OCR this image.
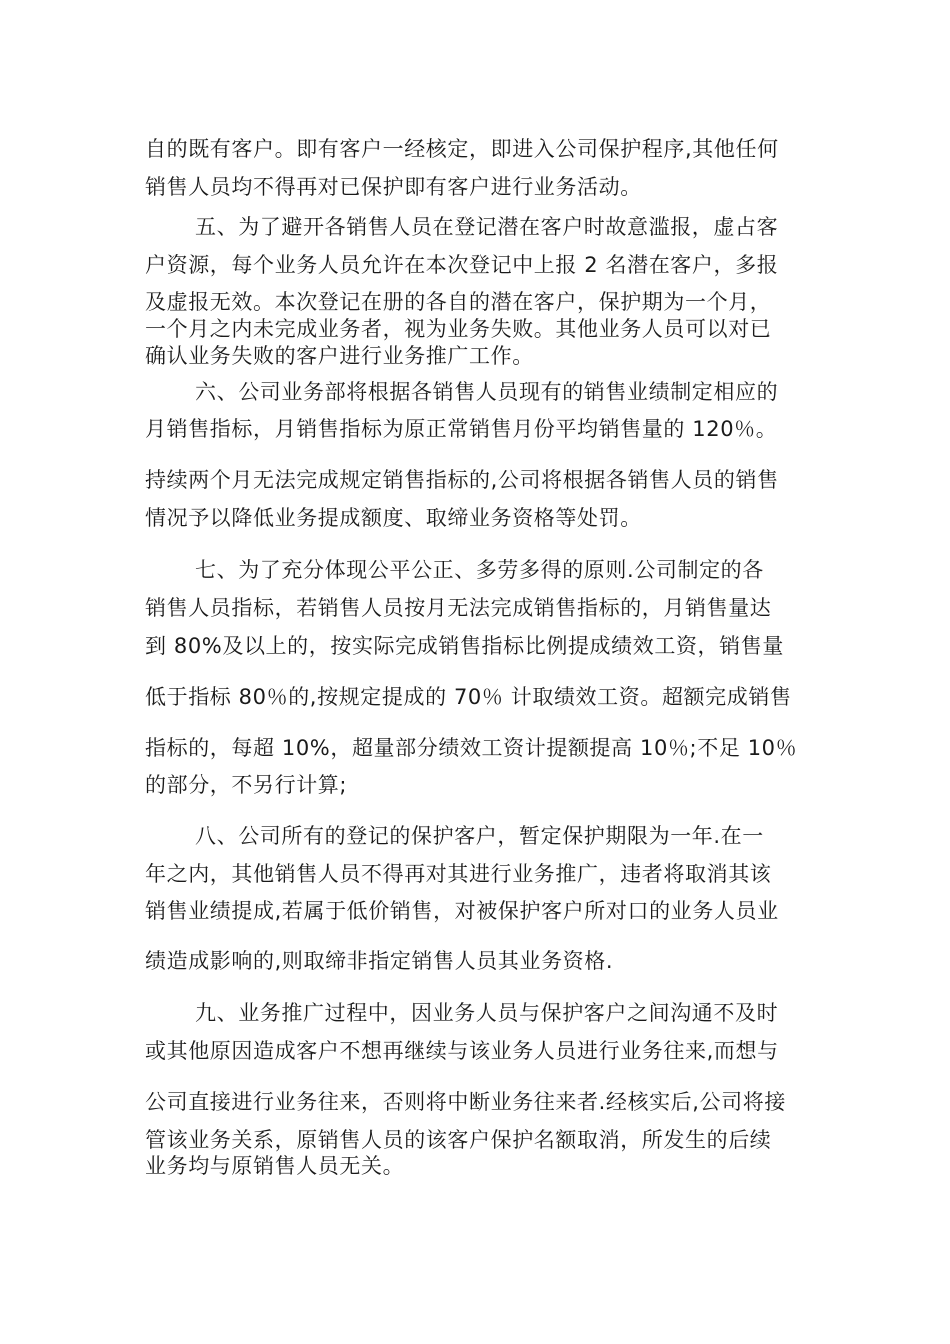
自的既有客户。即有客户一经核定，即进入公司保护程序,其他任何
销售人员均不得再对已保护即有客户进行业务活动。
五、为了避开各销售人员在登记潜在客户时故意滥报，虚占客
户资源，每个业务人员允许在本次登记中上报 2 名潜在客户，多报
及虚报无效。本次登记在册的各自的潜在客户，保护期为一个月，
一个月之内未完成业务者，视为业务失败。其他业务人员可以对已
确认业务失败的客户进行业务推广工作。
六、公司业务部将根据各销售人员现有的销售业绩制定相应的
月销售指标，月销售指标为原正常销售月份平均销售量的 120％。
持续两个月无法完成规定销售指标的,公司将根据各销售人员的销售
情况予以降低业务提成额度、取缔业务资格等处罚。
七、为了充分体现公平公正、多劳多得的原则.公司制定的各
销售人员指标，若销售人员按月无法完成销售指标的，月销售量达
到 80%及以上的，按实际完成销售指标比例提成绩效工资，销售量
低于指标 80％的,按规定提成的 70％ 计取绩效工资。超额完成销售
指标的，每超 10%，超量部分绩效工资计提额提高 10％;不足 10％
的部分，不另行计算;
八、公司所有的登记的保护客户，暂定保护期限为一年.在一
年之内，其他销售人员不得再对其进行业务推广，违者将取消其该
销售业绩提成,若属于低价销售，对被保护客户所对口的业务人员业
绩造成影响的,则取缔非指定销售人员其业务资格.
九、业务推广过程中，因业务人员与保护客户之间沟通不及时
或其他原因造成客户不想再继续与该业务人员进行业务往来,而想与
公司直接进行业务往来，否则将中断业务往来者.经核实后,公司将接
管该业务关系，原销售人员的该客户保护名额取消，所发生的后续
业务均与原销售人员无关。
